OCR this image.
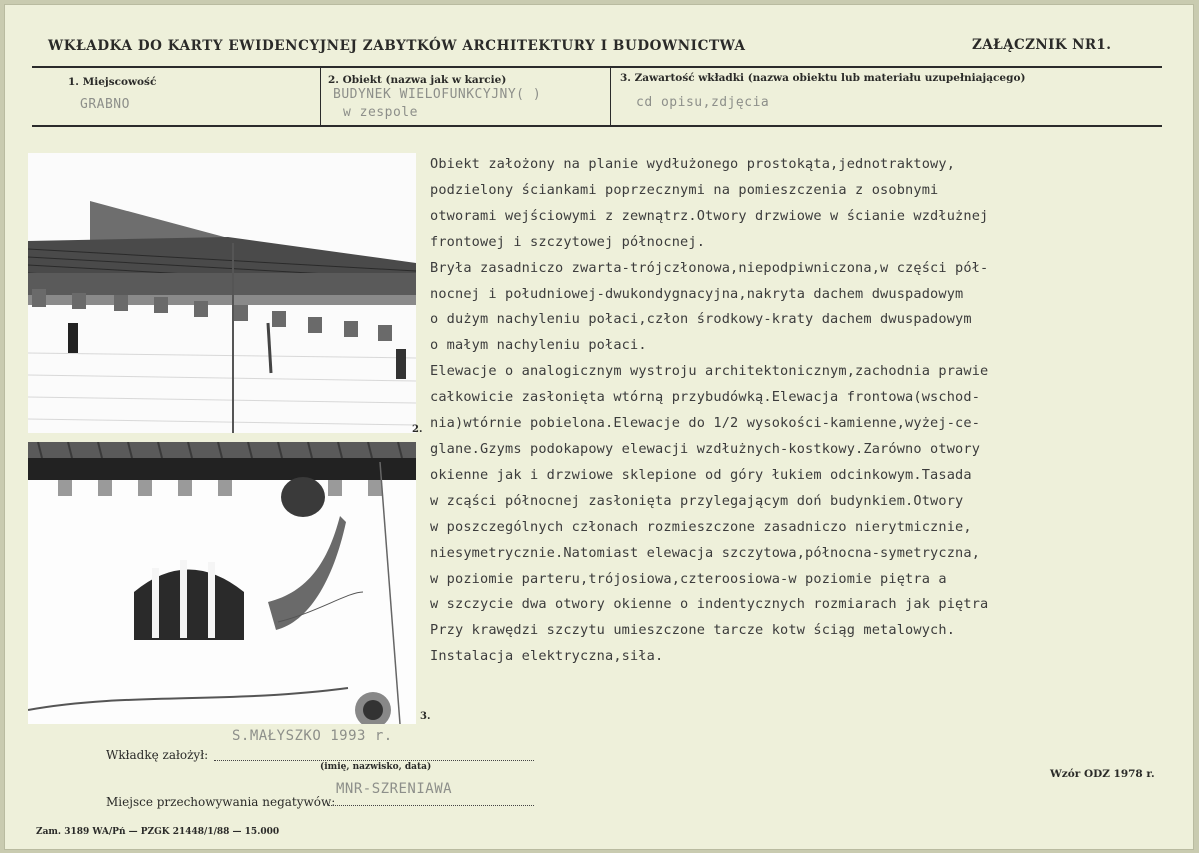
WKŁADKA DO KARTY EWIDENCYJNEJ ZABYTKÓW ARCHITEKTURY I BUDOWNICTWA	ZAŁĄCZNIK NR1.
1. Miejscowość
GRABNO
2. Obiekt (nazwa jak w karcie)
BUDYNEK WIELOFUNKCYJNY( )
w zespole
3. Zawartość wkładki (nazwa obiektu lub materiału uzupełniającego)
cd opisu,zdjęcia
2.
3.
Obiekt założony na planie wydłużonego prostokąta,jednotraktowy,
podzielony ściankami poprzecznymi na pomieszczenia z osobnymi
otworami wejściowymi z zewnątrz.Otwory drzwiowe w ścianie wzdłużnej
frontowej i szczytowej północnej.
Bryła zasadniczo zwarta-trójczłonowa,niepodpiwniczona,w części pół-
nocnej i południowej-dwukondygnacyjna,nakryta dachem dwuspadowym
o dużym nachyleniu połaci,człon środkowy-kraty dachem dwuspadowym
o małym nachyleniu połaci.
Elewacje o analogicznym wystroju architektonicznym,zachodnia prawie
całkowicie zasłonięta wtórną przybudówką.Elewacja frontowa(wschod-
nia)wtórnie pobielona.Elewacje do 1/2 wysokości-kamienne,wyżej-ce-
glane.Gzyms podokapowy elewacji wzdłużnych-kostkowy.Zarówno otwory
okienne jak i drzwiowe sklepione od góry łukiem odcinkowym.Tasada
w zcąści północnej zasłonięta przylegającym doń budynkiem.Otwory
w poszczególnych członach rozmieszczone zasadniczo nierytmicznie,
niesymetrycznie.Natomiast elewacja szczytowa,północna-symetryczna,
w poziomie parteru,trójosiowa,czteroosiowa-w poziomie piętra a
w szczycie dwa otwory okienne o indentycznych rozmiarach jak piętra
Przy krawędzi szczytu umieszczone tarcze kotw ściąg metalowych.
Instalacja elektryczna,siła.
S.MAŁYSZKO 1993 r.
Wkładkę założył:
(imię, nazwisko, data)
MNR-SZRENIAWA
Miejsce przechowywania negatywów:
Zam. 3189 WA/Pń — PZGK 21448/1/88 — 15.000
Wzór ODZ 1978 r.
